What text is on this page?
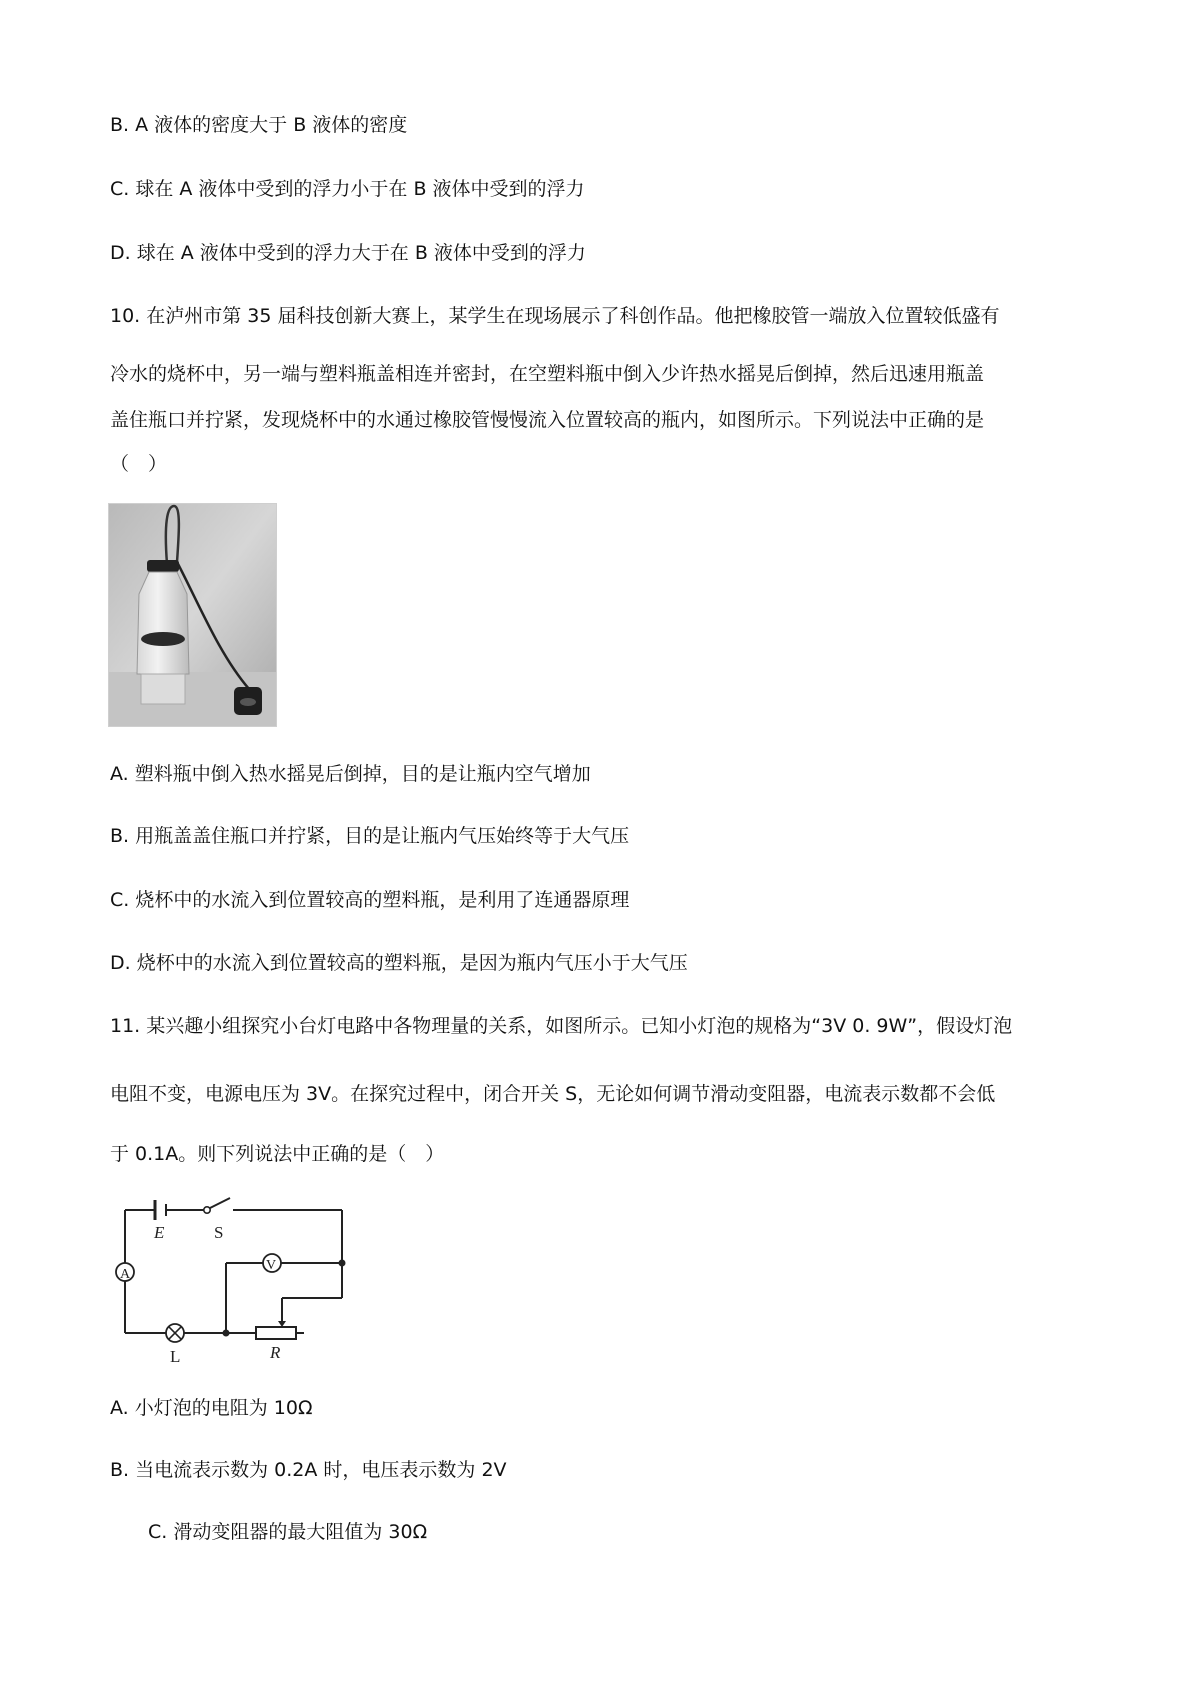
B. A 液体的密度大于 B 液体的密度
C. 球在 A 液体中受到的浮力小于在 B 液体中受到的浮力
D. 球在 A 液体中受到的浮力大于在 B 液体中受到的浮力
10. 在泸州市第 35 届科技创新大赛上，某学生在现场展示了科创作品。他把橡胶管一端放入位置较低盛有
冷水的烧杯中，另一端与塑料瓶盖相连并密封，在空塑料瓶中倒入少许热水摇晃后倒掉，然后迅速用瓶盖
盖住瓶口并拧紧，发现烧杯中的水通过橡胶管慢慢流入位置较高的瓶内，如图所示。下列说法中正确的是
（　）
A. 塑料瓶中倒入热水摇晃后倒掉，目的是让瓶内空气增加
B. 用瓶盖盖住瓶口并拧紧，目的是让瓶内气压始终等于大气压
C. 烧杯中的水流入到位置较高的塑料瓶，是利用了连通器原理
D. 烧杯中的水流入到位置较高的塑料瓶，是因为瓶内气压小于大气压
11. 某兴趣小组探究小台灯电路中各物理量的关系，如图所示。已知小灯泡的规格为“3V 0. 9W”，假设灯泡
电阻不变，电源电压为 3V。在探究过程中，闭合开关 S，无论如何调节滑动变阻器，电流表示数都不会低
于 0.1A。则下列说法中正确的是（　）
E	S
A
V
L	R
A. 小灯泡的电阻为 10Ω
B. 当电流表示数为 0.2A 时，电压表示数为 2V
C. 滑动变阻器的最大阻值为 30Ω
